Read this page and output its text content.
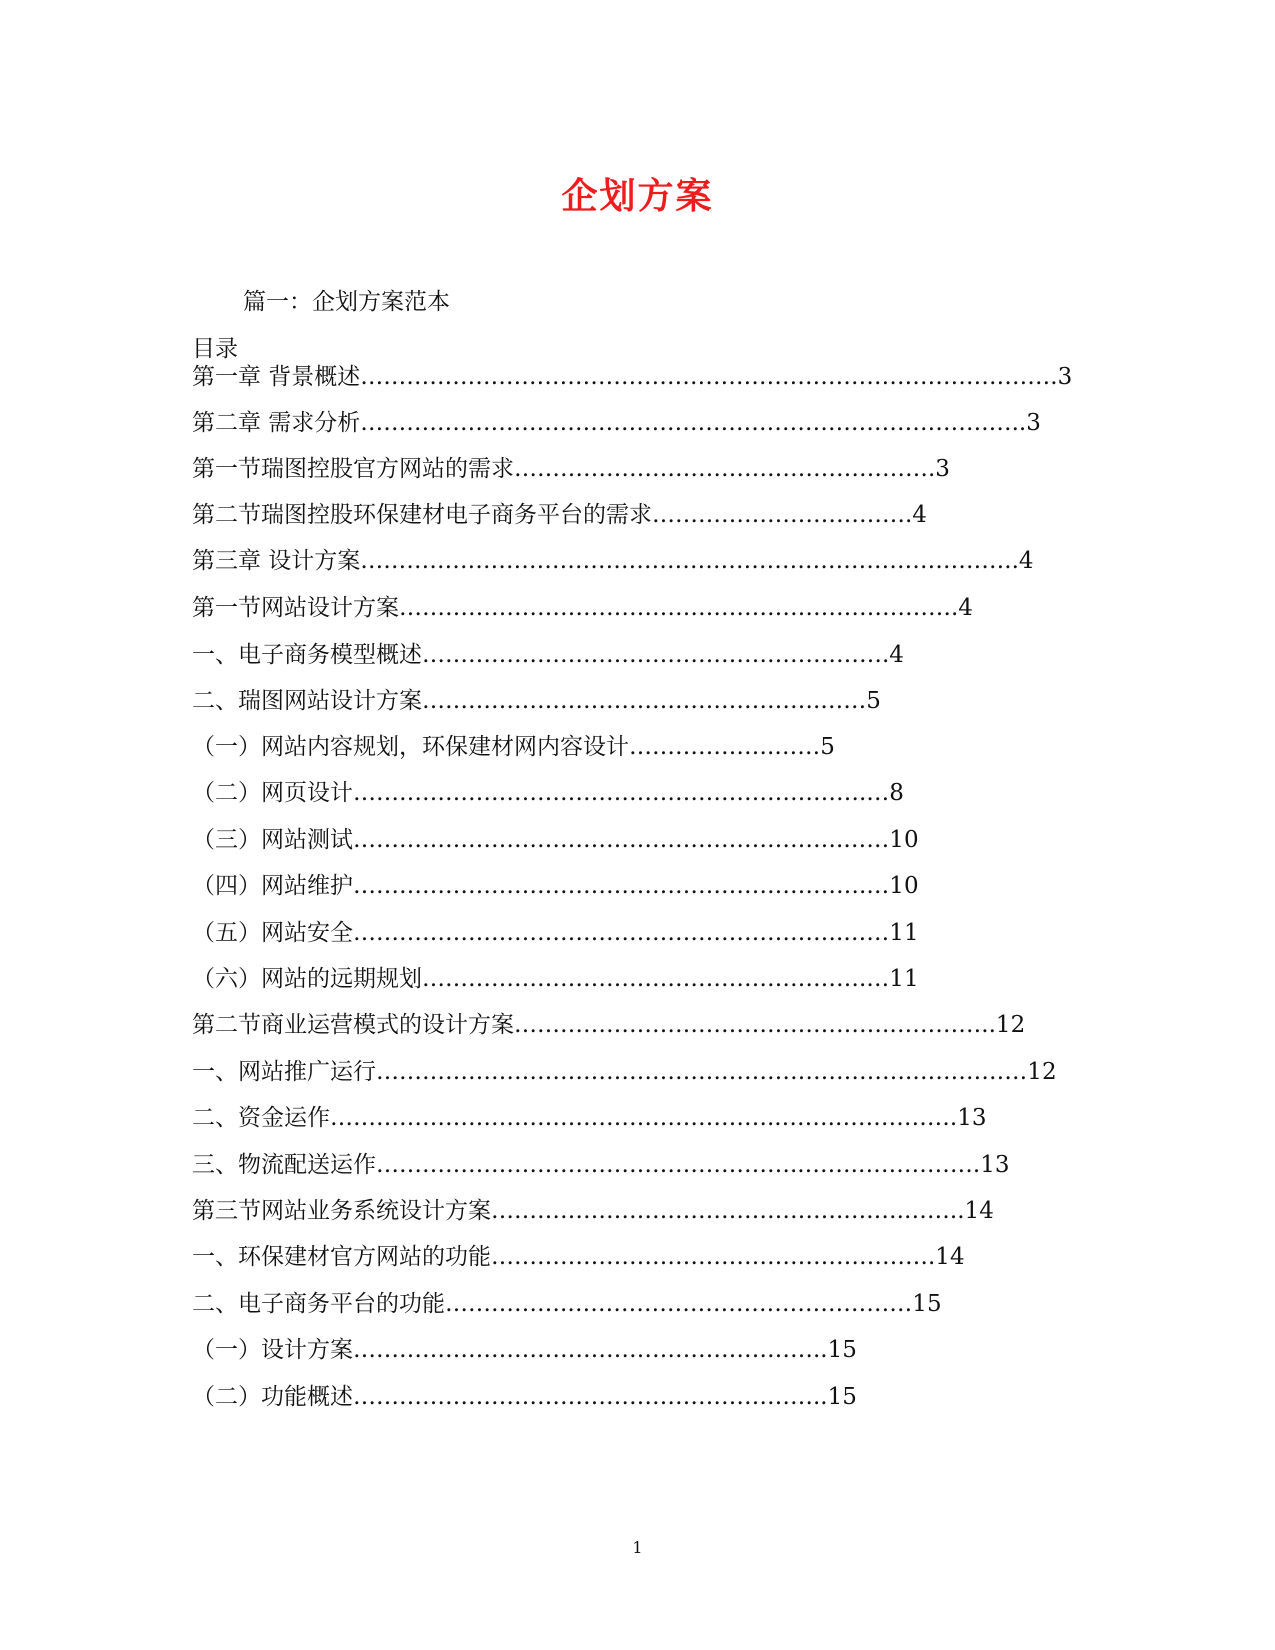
企划方案
篇一：企划方案范本
目录
第一章 背景概述……………………………………………………………………………….3
第二章 需求分析……………………………………………………………………….…..3
第一节瑞图控股官方网站的需求……………………………………………….3
第二节瑞图控股环保建材电子商务平台的需求…………………………….4
第三章 设计方案…………………………………………………………………………..4
第一节网站设计方案……………………………………………………………….4
一、电子商务模型概述…………………………………………………….4
二、瑞图网站设计方案…………………………………………….……5
（一）网站内容规划，环保建材网内容设计……………….……5
（二）网页设计………………………………………………………….…8
（三）网站测试……………………………………………………….……10
（四）网站维护………………………………………………………….…10
（五）网站安全……………………………………………………….……11
（六）网站的远期规划………………………………………………….…11
第二节商业运营模式的设计方案………………………………………….…………..12
一、网站推广运行…………………………………………………………….……………12
二、资金运作…………………………………………………..…….…………….13
三、物流配送运作………………………………………………..…….…………….13
第三节网站业务系统设计方案……………………………………….….….……..14
一、环保建材官方网站的功能………………………………………………….14
二、电子商务平台的功能…………….………………………………………15
（一）设计方案……………………………………………………..15
（二）功能概述……………………………………………………..15
1
